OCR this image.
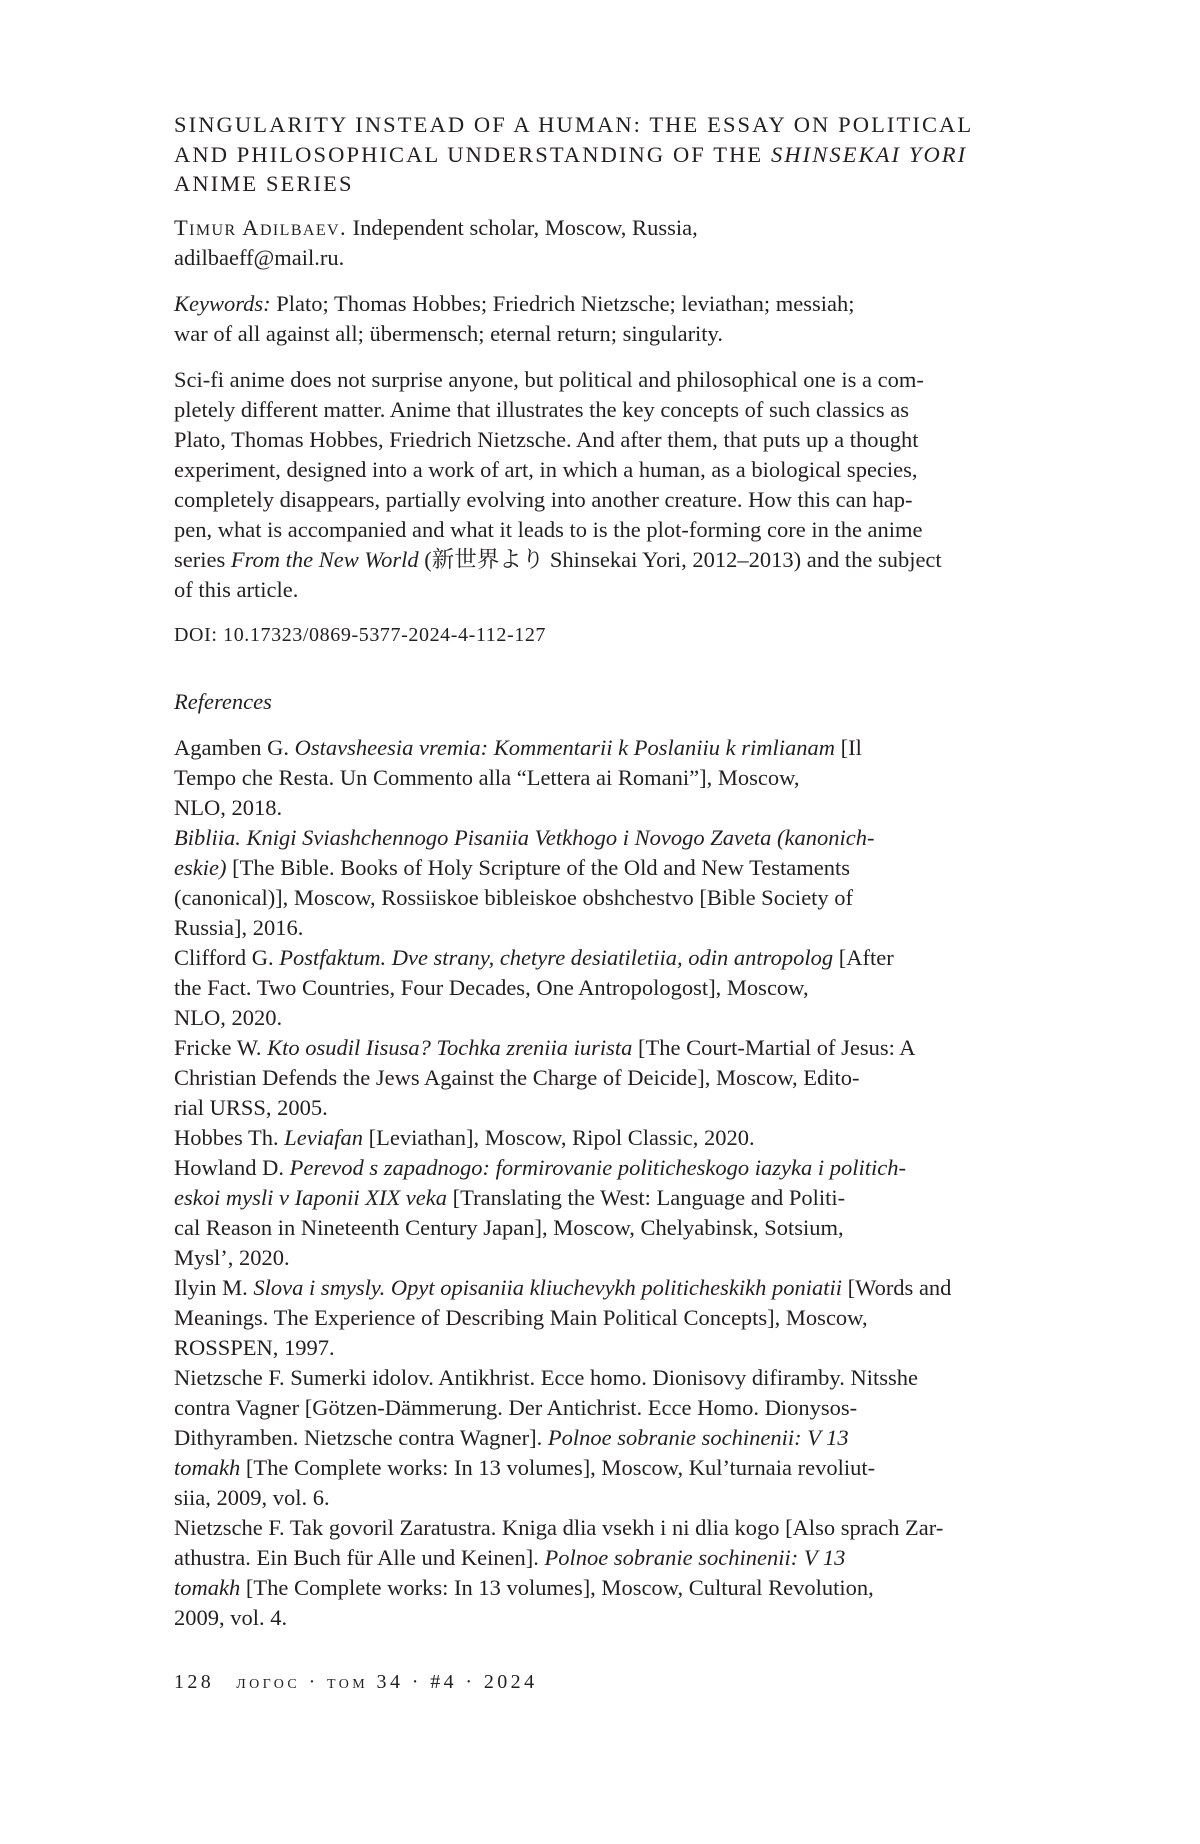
SINGULARITY INSTEAD OF A HUMAN: THE ESSAY ON POLITICAL
AND PHILOSOPHICAL UNDERSTANDING OF THE SHINSEKAI YORI
ANIME SERIES
Timur Adilbaev. Independent scholar, Moscow, Russia,
adilbaeff@mail.ru.
Keywords: Plato; Thomas Hobbes; Friedrich Nietzsche; leviathan; messiah;
war of all against all; übermensch; eternal return; singularity.
Sci-fi anime does not surprise anyone, but political and philosophical one is a com-
pletely different matter. Anime that illustrates the key concepts of such classics as
Plato, Thomas Hobbes, Friedrich Nietzsche. And after them, that puts up a thought
experiment, designed into a work of art, in which a human, as a biological species,
completely disappears, partially evolving into another creature. How this can hap-
pen, what is accompanied and what it leads to is the plot-forming core in the anime
series From the New World (新世界より Shinsekai Yori, 2012–2013) and the subject
of this article.
DOI: 10.17323/0869-5377-2024-4-112-127
References

Agamben G. Ostavsheesia vremia: Kommentarii k Poslaniiu k rimlianam [Il
Tempo che Resta. Un Commento alla “Lettera ai Romani”], Moscow,
NLO, 2018.

Bibliia. Knigi Sviashchennogo Pisaniia Vetkhogo i Novogo Zaveta (kanonich-
eskie) [The Bible. Books of Holy Scripture of the Old and New Testaments
(canonical)], Moscow, Rossiiskoe bibleiskoe obshchestvo [Bible Society of
Russia], 2016.

Clifford G. Postfaktum. Dve strany, chetyre desiatiletiia, odin antropolog [After
the Fact. Two Countries, Four Decades, One Antropologost], Moscow,
NLO, 2020.

Fricke W. Kto osudil Iisusa? Tochka zreniia iurista [The Court-Martial of Jesus: A
Christian Defends the Jews Against the Charge of Deicide], Moscow, Edito-
rial URSS, 2005.

Hobbes Th. Leviafan [Leviathan], Moscow, Ripol Classic, 2020.

Howland D. Perevod s zapadnogo: formirovanie politicheskogo iazyka i politich-
eskoi mysli v Iaponii XIX veka [Translating the West: Language and Politi-
cal Reason in Nineteenth Century Japan], Moscow, Chelyabinsk, Sotsium,
Mysl’, 2020.

Ilyin M. Slova i smysly. Opyt opisaniia kliuchevykh politicheskikh poniatii [Words and
Meanings. The Experience of Describing Main Political Concepts], Moscow,
ROSSPEN, 1997.

Nietzsche F. Sumerki idolov. Antikhrist. Ecce homo. Dionisovy difiramby. Nitsshe
contra Vagner [Götzen-Dämmerung. Der Antichrist. Ecce Homo. Dionysos-
Dithyramben. Nietzsche contra Wagner]. Polnoe sobranie sochinenii: V 13
tomakh [The Complete works: In 13 volumes], Moscow, Kul’turnaia revoliut-
siia, 2009, vol. 6.

Nietzsche F. Tak govoril Zaratustra. Kniga dlia vsekh i ni dlia kogo [Also sprach Zar-
athustra. Ein Buch für Alle und Keinen]. Polnoe sobranie sochinenii: V 13
tomakh [The Complete works: In 13 volumes], Moscow, Cultural Revolution,
2009, vol. 4.

128 логос · том 34 · #4 · 2024
